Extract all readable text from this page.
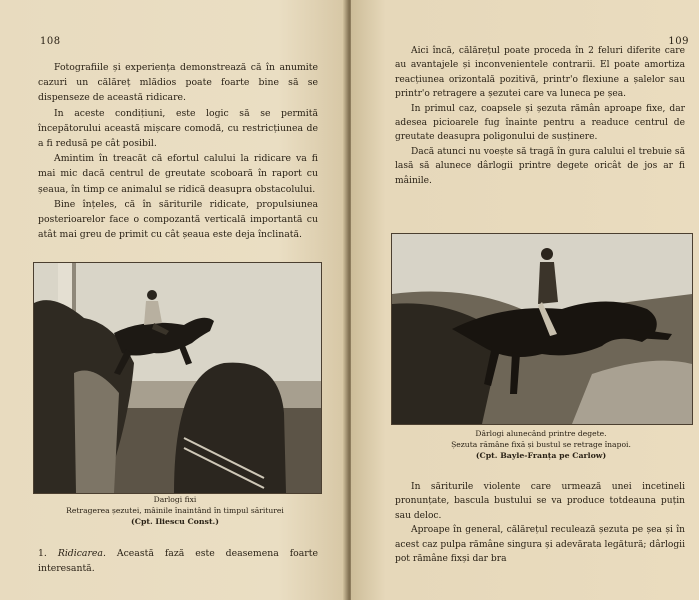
108

Fotografiile și experiența demonstrează că în anumite cazuri un călăreț mlădios poate foarte bine să se dispenseze de această ridicare.

In aceste condițiuni, este logic să se permită începătorului această mișcare comodă, cu restricțiunea de a fi redusă pe cât posibil.

Amintim în treacăt că efortul calului la ridicare va fi mai mic dacă centrul de greutate scoboară în raport cu șeaua, în timp ce animalul se ridică deasupra obstacolului.

Bine înțeles, că în săriturile ridicate, propulsiunea posterioarelor face o compozantă verticală importantă cu atât mai greu de primit cu cât șeaua este deja înclinată.

Darlogi fixi
Retragerea șezutei, mâinile înaintând în timpul săriturei
(Cpt. Iliescu Const.)

1. Ridicarea. Această fază este deasemena foarte interesantă.

109

Aici încă, călărețul poate proceda în 2 feluri diferite care au avantajele și inconvenientele contrarii. El poate amortiza reacțiunea orizontală pozitivă, printr'o flexiune a șalelor sau printr'o retragere a șezutei care va luneca pe șea.

In primul caz, coapsele și șezuta rămân aproape fixe, dar adesea picioarele fug înainte pentru a readuce centrul de greutate deasupra poligonului de susținere.

Dacă atunci nu voește să tragă în gura calului el trebuie să lasă să alunece dârlogii printre degete oricât de jos ar fi mâinile.

Dârlogi alunecând printre degete.
Șezuta rămâne fixă și bustul se retrage înapoi.
(Cpt. Bayle-Franța pe Carlow)

In săriturile violente care urmează unei incetineli pronunțate, bascula bustului se va produce totdeauna puțin sau deloc.

Aproape în general, călărețul reculează șezuta pe șea și în acest caz pulpa rămâne singura și adevărata legătură; dârlogii pot rămâne fixși dar bra
